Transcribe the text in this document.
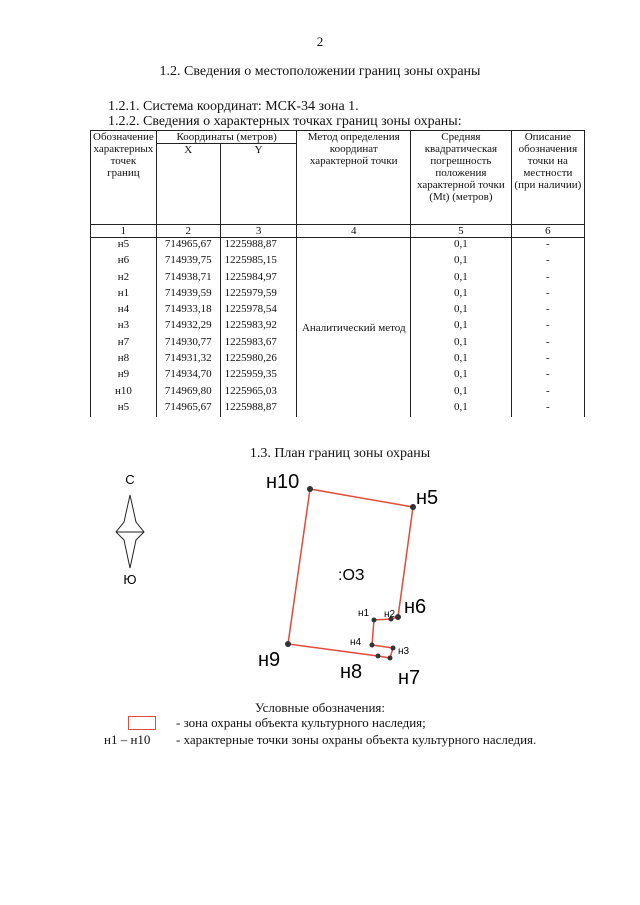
2
1.2. Сведения о местоположении границ зоны охраны
1.2.1. Система координат: МСК-34 зона 1.
1.2.2. Сведения о характерных точках границ зоны охраны:
Обозначение характерных точек границ	Координаты (метров)		Метод определения координат характерной точки	Средняя квадратическая погрешность положения характерной точки (Mt) (метров)	Описание обозначения точки на местности (при наличии)
	X	Y			
1	2	3	4	5	6
н5	714965,67	1225988,87	Аналитический метод	0,1	-
н6	714939,75	1225985,15		0,1	-
н2	714938,71	1225984,97		0,1	-
н1	714939,59	1225979,59		0,1	-
н4	714933,18	1225978,54		0,1	-
н3	714932,29	1225983,92		0,1	-
н7	714930,77	1225983,67		0,1	-
н8	714931,32	1225980,26		0,1	-
н9	714934,70	1225959,35		0,1	-
н10	714969,80	1225965,03		0,1	-
н5	714965,67	1225988,87		0,1	-
1.3. План границ зоны охраны
С
Ю
н10
н5
н6
н2
н1
н4
н3
н7
н8
н9
:ОЗ
Условные обозначения:
- зона охраны объекта культурного наследия;
н1 – н10 - характерные точки зоны охраны объекта культурного наследия.
